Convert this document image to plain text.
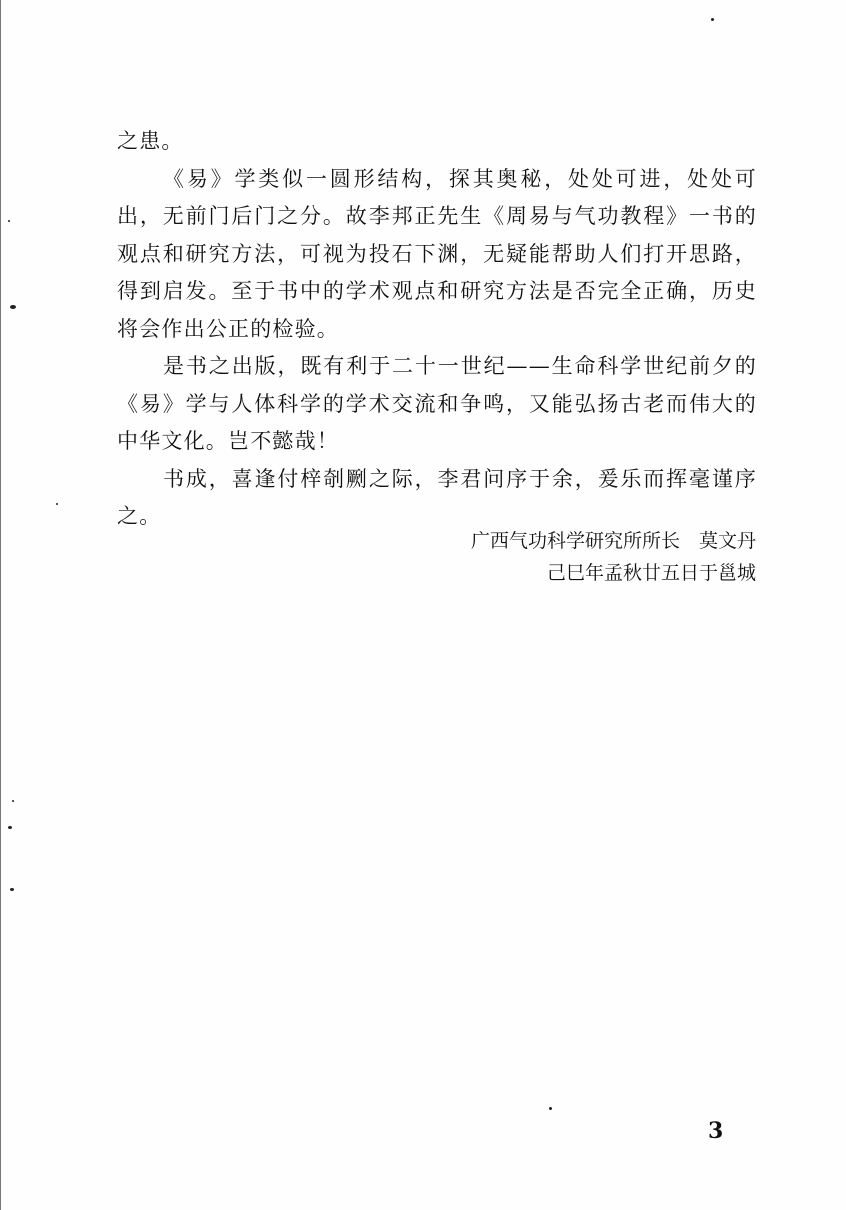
之患。

《易》学类似一圆形结构，探其奥秘，处处可进，处处可出，无前门后门之分。故李邦正先生《周易与气功教程》一书的观点和研究方法，可视为投石下渊，无疑能帮助人们打开思路，得到启发。至于书中的学术观点和研究方法是否完全正确，历史将会作出公正的检验。

是书之出版，既有利于二十一世纪——生命科学世纪前夕的《易》学与人体科学的学术交流和争鸣，又能弘扬古老而伟大的中华文化。岂不懿哉！

书成，喜逢付梓剞劂之际，李君问序于余，爰乐而挥毫谨序之。

广西气功科学研究所所长　莫文丹
己巳年孟秋廿五日于邕城
3
